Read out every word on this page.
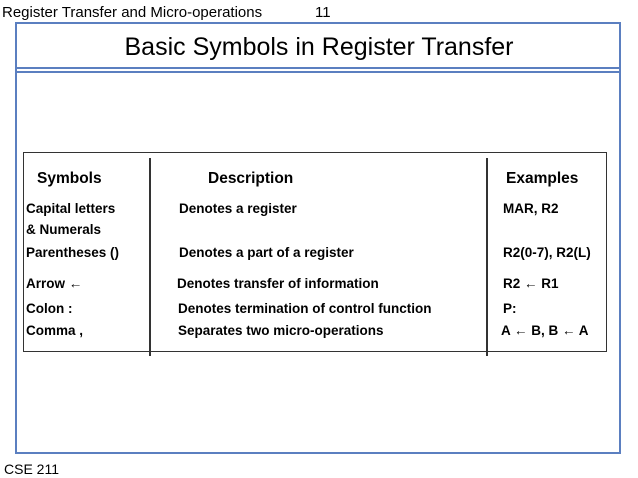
Register Transfer and Micro-operations	11
Basic Symbols in Register Transfer
Symbols	Description	Examples
Capital letters	Denotes a register	MAR, R2
& Numerals
Parentheses ()	Denotes a part of a register	R2(0-7), R2(L)
Arrow ←	Denotes transfer of information	R2 ← R1
Colon :	Denotes termination of control function	P:
Comma ,	Separates two micro-operations	A ← B, B ← A
CSE 211
